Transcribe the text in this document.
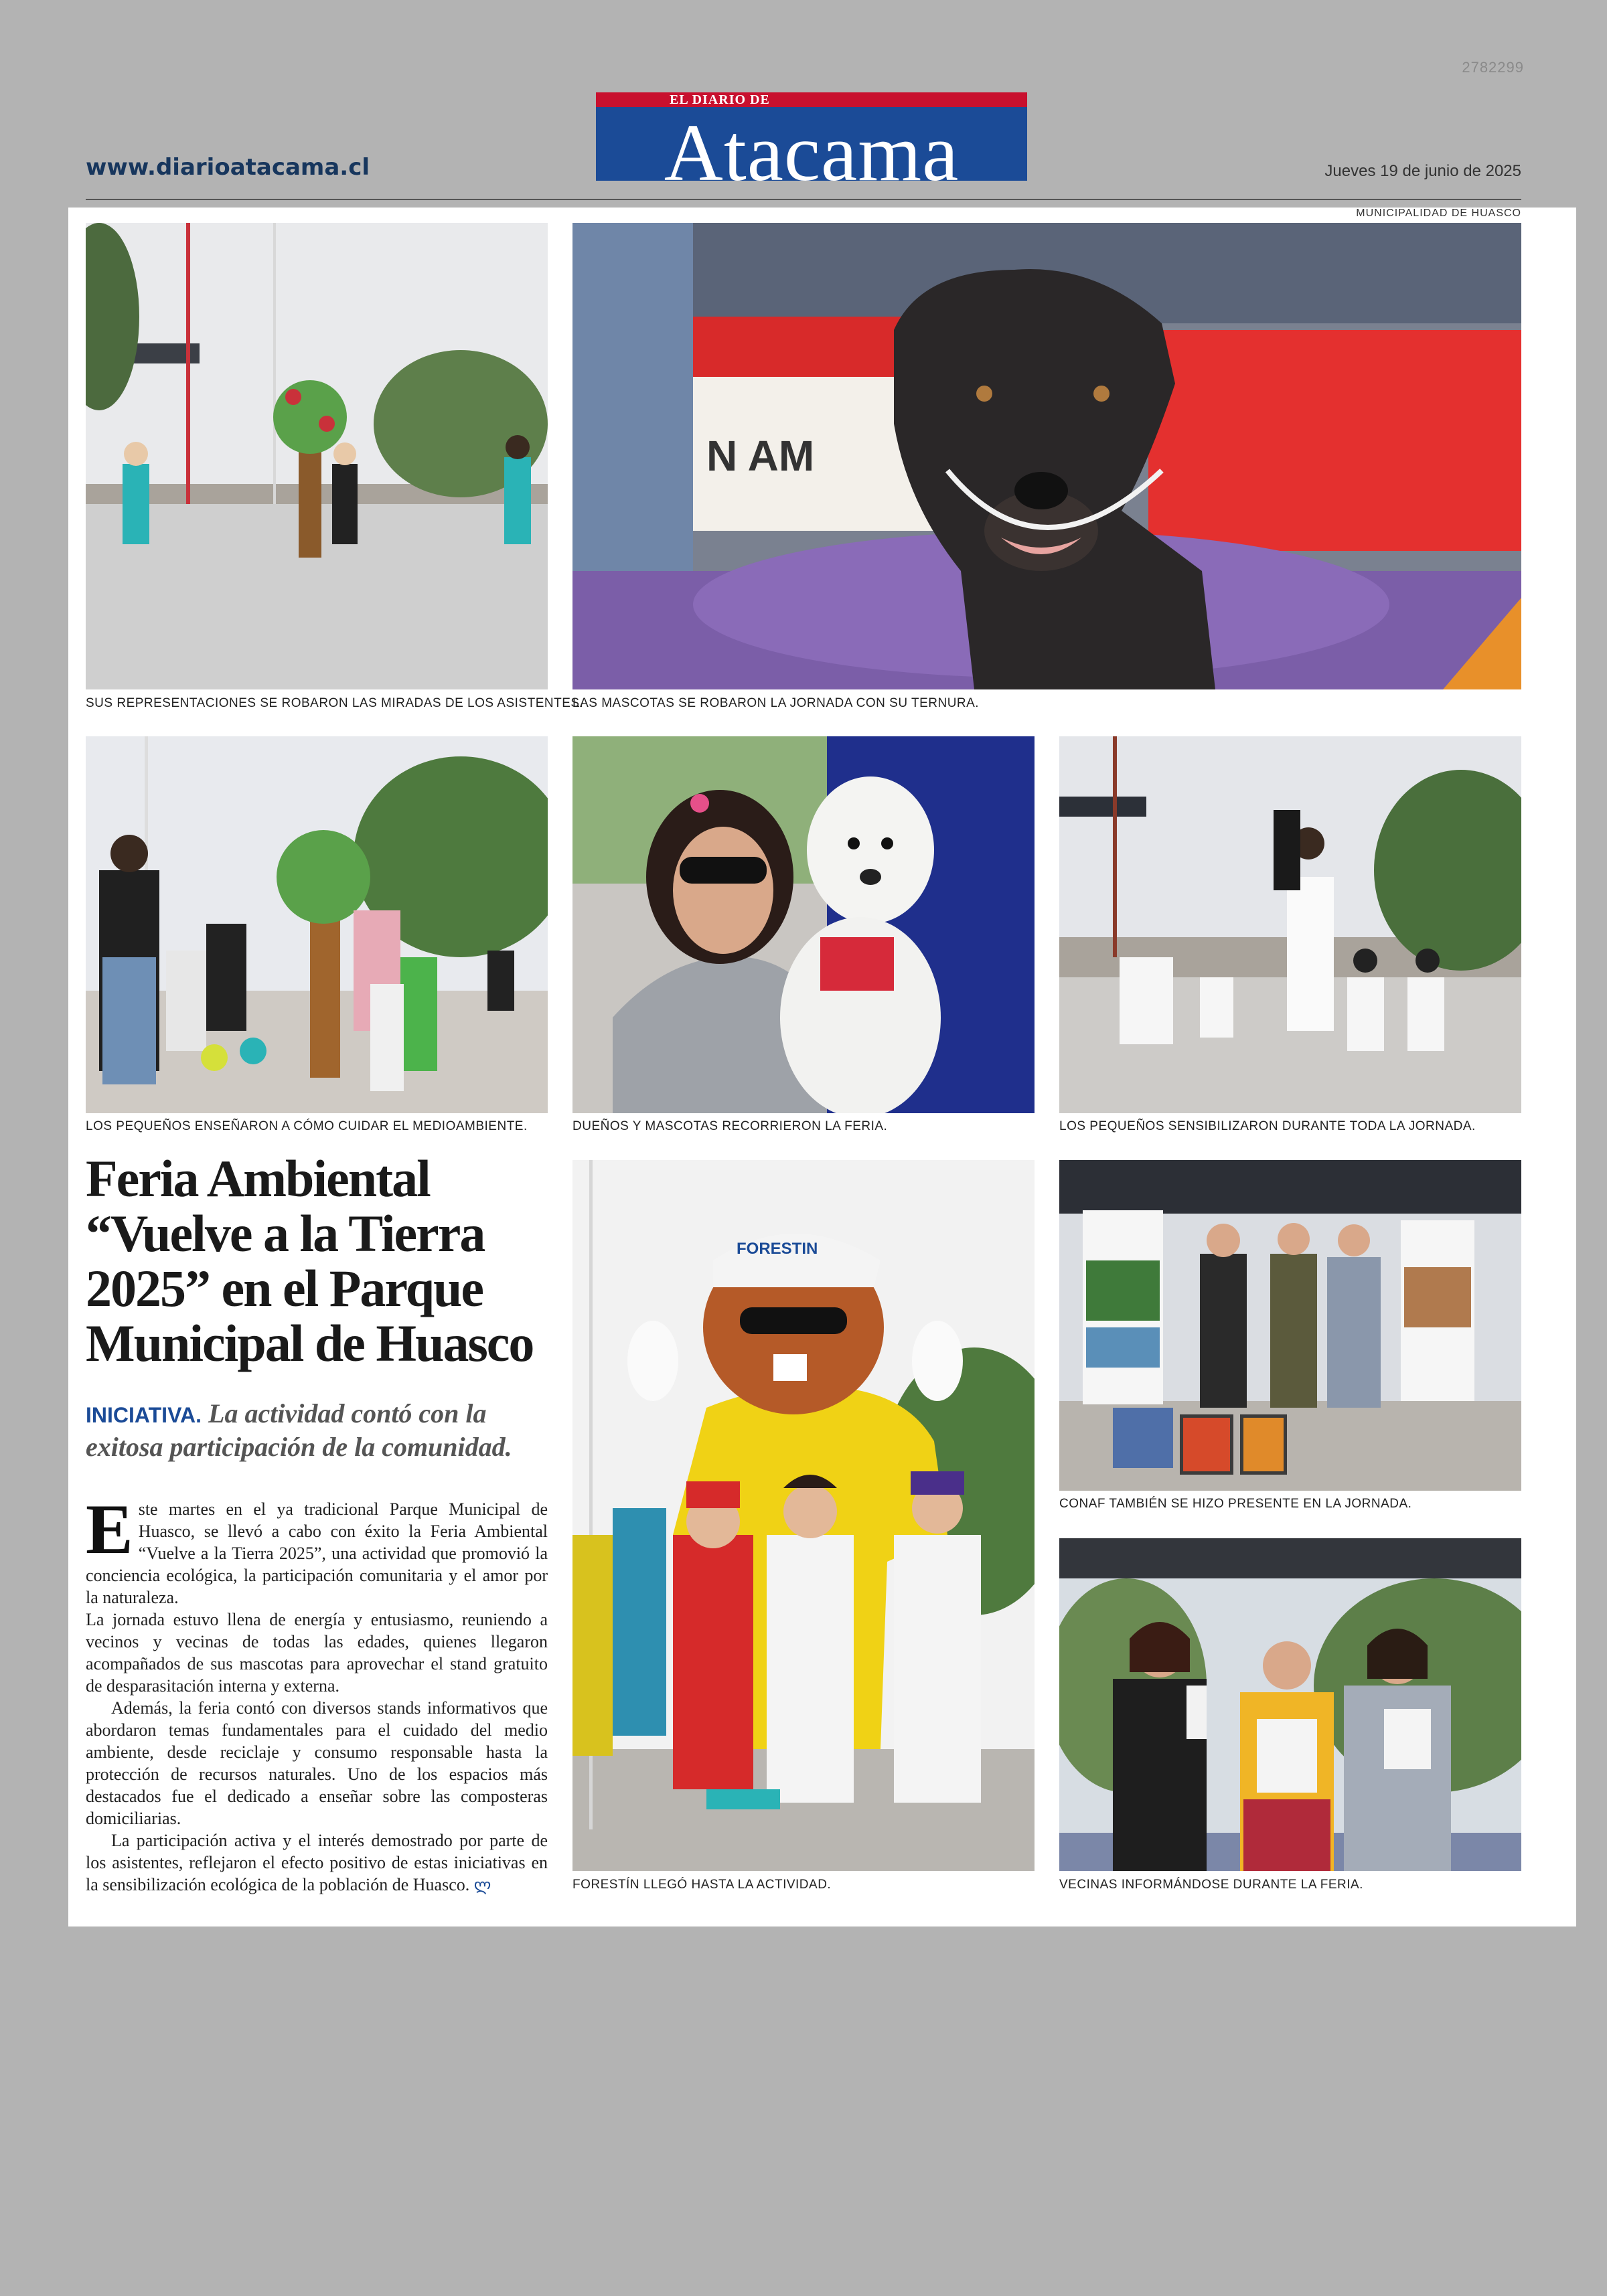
2782299
www.diarioatacama.cl
EL DIARIO DE
Atacama	Jueves 19 de junio de 2025
MUNICIPALIDAD DE HUASCO
SUS REPRESENTACIONES SE ROBARON LAS MIRADAS DE LOS ASISTENTES.
N AM
LAS MASCOTAS SE ROBARON LA JORNADA CON SU TERNURA.
LOS PEQUEÑOS ENSEÑARON A CÓMO CUIDAR EL MEDIOAMBIENTE.	DUEÑOS Y MASCOTAS RECORRIERON LA FERIA.	LOS PEQUEÑOS SENSIBILIZARON DURANTE TODA LA JORNADA.
Feria Ambiental
“Vuelve a la Tierra
2025” en el Parque
Municipal de Huasco
INICIATIVA. La actividad contó con la exitosa participación de la comunidad.

Este martes en el ya tradicional Parque Municipal de Huasco, se llevó a cabo con éxito la Feria Ambiental “Vuelve a la Tierra 2025”, una actividad que promovió la conciencia ecológica, la participación comunitaria y el amor por la naturaleza.

La jornada estuvo llena de energía y entusiasmo, reuniendo a vecinos y vecinas de todas las edades, quienes llegaron acompañados de sus mascotas para aprovechar el stand gratuito de desparasitación interna y externa.

Además, la feria contó con diversos stands informativos que abordaron temas fundamentales para el cuidado del medio ambiente, desde reciclaje y consumo responsable hasta la protección de recursos naturales. Uno de los espacios más destacados fue el dedicado a enseñar sobre las composteras domiciliarias.

La participación activa y el interés demostrado por parte de los asistentes, reflejaron el efecto positivo de estas iniciativas en la sensibilización ecológica de la población de Huasco. ლ

FORESTIN
FORESTÍN LLEGÓ HASTA LA ACTIVIDAD.
CONAF TAMBIÉN SE HIZO PRESENTE EN LA JORNADA.
VECINAS INFORMÁNDOSE DURANTE LA FERIA.
